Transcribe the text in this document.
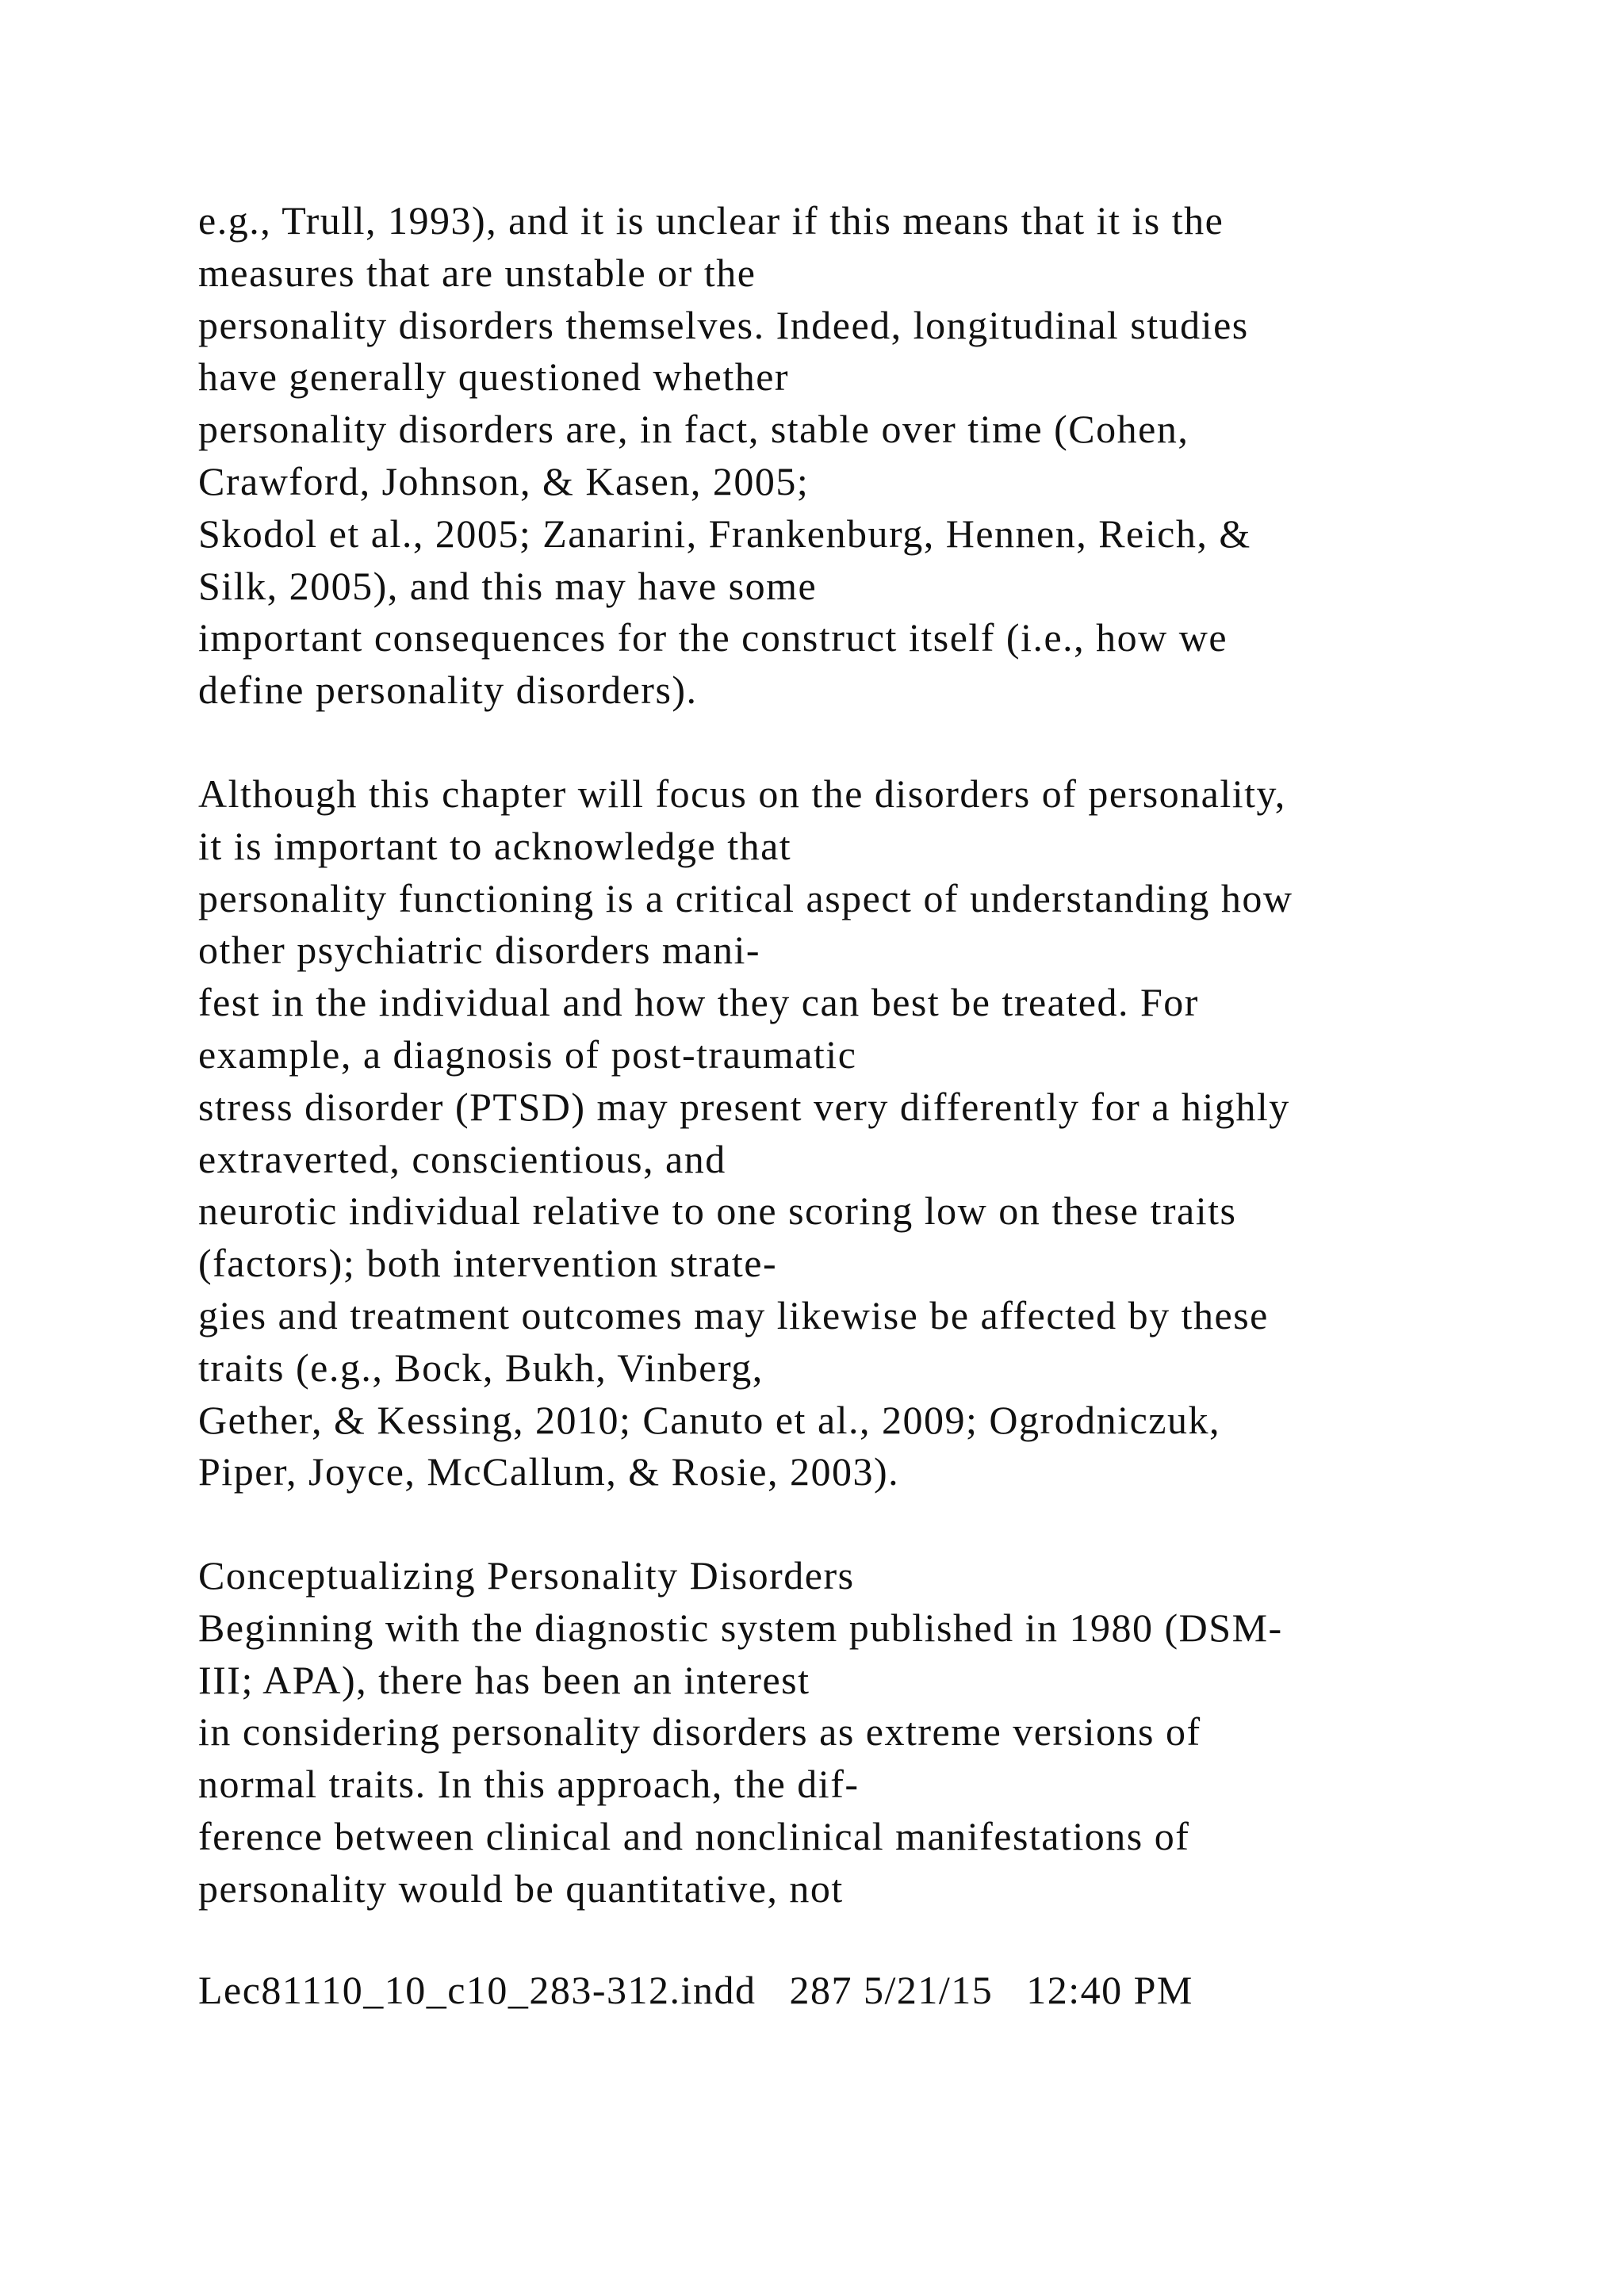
e.g., Trull, 1993), and it is unclear if this means that it is the
measures that are unstable or the
personality disorders themselves. Indeed, longitudinal studies
have generally questioned whether
personality disorders are, in fact, stable over time (Cohen,
Crawford, Johnson, & Kasen, 2005;
Skodol et al., 2005; Zanarini, Frankenburg, Hennen, Reich, &
Silk, 2005), and this may have some
important consequences for the construct itself (i.e., how we
define personality disorders).
Although this chapter will focus on the disorders of personality,
it is important to acknowledge that
personality functioning is a critical aspect of understanding how
other psychiatric disorders mani-
fest in the individual and how they can best be treated. For
example, a diagnosis of post-traumatic
stress disorder (PTSD) may present very differently for a highly
extraverted, conscientious, and
neurotic individual relative to one scoring low on these traits
(factors); both intervention strate-
gies and treatment outcomes may likewise be affected by these
traits (e.g., Bock, Bukh, Vinberg,
Gether, & Kessing, 2010; Canuto et al., 2009; Ogrodniczuk,
Piper, Joyce, McCallum, & Rosie, 2003).
Conceptualizing Personality Disorders
Beginning with the diagnostic system published in 1980 (DSM-
III; APA), there has been an interest
in considering personality disorders as extreme versions of
normal traits. In this approach, the dif-
ference between clinical and nonclinical manifestations of
personality would be quantitative, not
Lec81110_10_c10_283-312.indd   287 5/21/15   12:40 PM
